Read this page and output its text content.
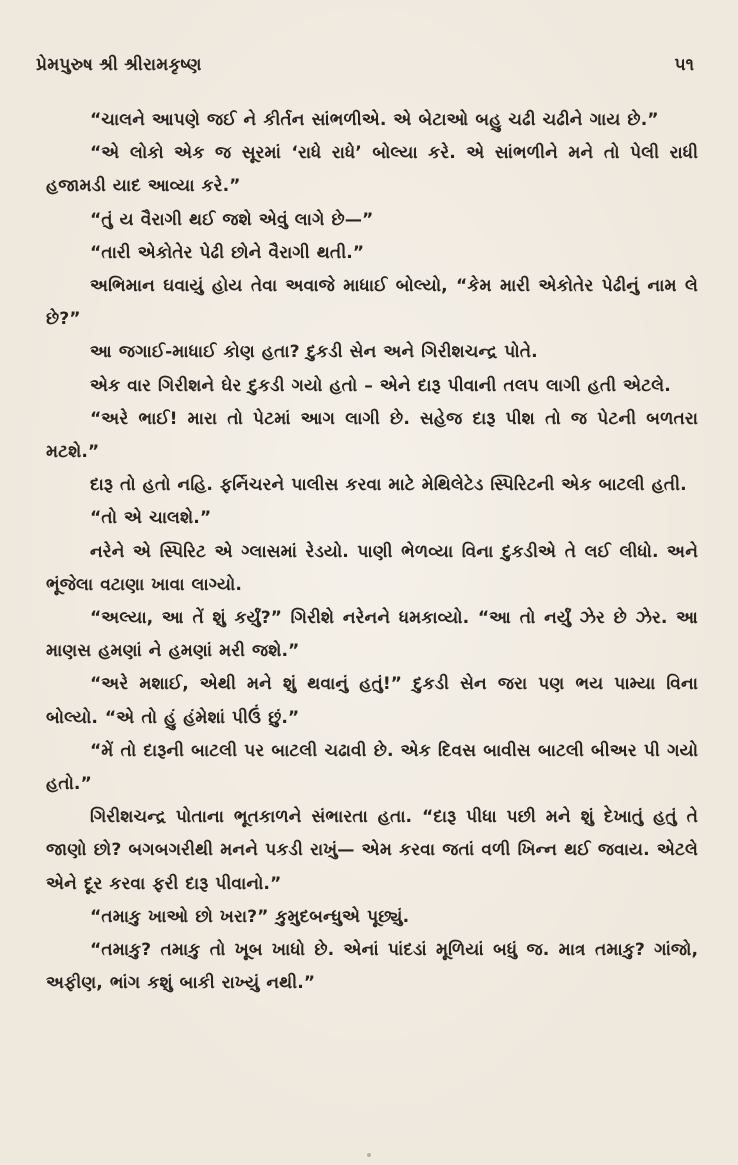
પ્રેમપુરુષ શ્રી શ્રીરામકૃષ્ણ	૫૧

“ચાલને આપણે જઈ ને કીર્તન સાંભળીએ. એ બેટાઓ બહુ ચઢી ચઢીને ગાય છે.”

“એ લોકો એક જ સૂરમાં ‘રાધે રાધે’ બોલ્યા કરે. એ સાંભળીને મને તો પેલી રાધી હજામડી યાદ આવ્યા કરે.”

“તું ય વૈરાગી થઈ જશે એવું લાગે છે—”

“તારી એકોતેર પેઢી છોને વૈરાગી થતી.”

અભિમાન ઘવાયું હોય તેવા અવાજે માધાઈ બોલ્યો, “કેમ મારી એકોતેર પેઢીનું નામ લે છે?”

આ જગાઈ-માધાઈ કોણ હતા? દુકડી સેન અને ગિરીશચન્દ્ર પોતે.

એક વાર ગિરીશને ઘેર દુકડી ગયો હતો – એને દારૂ પીવાની તલપ લાગી હતી એટલે.

“અરે ભાઈ! મારા તો પેટમાં આગ લાગી છે. સહેજ દારૂ પીશ તો જ પેટની બળતરા મટશે.”

દારૂ તો હતો નહિ. ફર્નિચરને પાલીસ કરવા માટે મેથિલેટેડ સ્પિરિટની એક બાટલી હતી.

“તો એ ચાલશે.”

નરેને એ સ્પિરિટ એ ગ્લાસમાં રેડયો. પાણી ભેળવ્યા વિના દુકડીએ તે લઈ લીધો. અને ભૂંજેલા વટાણા ખાવા લાગ્યો.

“અલ્યા, આ તેં શું કર્યું?” ગિરીશે નરેનને ધમકાવ્યો. “આ તો નર્યું ઝેર છે ઝેર. આ માણસ હમણાં ને હમણાં મરી જશે.”

“અરે મશાઈ, એથી મને શું થવાનું હતું!” દુકડી સેન જરા પણ ભય પામ્યા વિના બોલ્યો. “એ તો હું હંમેશાં પીઉં છું.”

“મેં તો દારૂની બાટલી પર બાટલી ચઢાવી છે. એક દિવસ બાવીસ બાટલી બીઅર પી ગયો હતો.”

ગિરીશચન્દ્ર પોતાના ભૂતકાળને સંભારતા હતા. “દારૂ પીધા પછી મને શું દેખાતું હતું તે જાણો છો? બગબગરીથી મનને પકડી રાખું— એમ કરવા જતાં વળી ખિન્ન થઈ જવાય. એટલે એને દૂર કરવા ફરી દારૂ પીવાનો.”

“તમાકુ ખાઓ છો ખરા?” કુમુદબન્ધુએ પૂછ્યું.

“તમાકુ? તમાકુ તો ખૂબ ખાધો છે. એનાં પાંદડાં મૂળિયાં બધું જ. માત્ર તમાકુ? ગાંજો, અફીણ, ભાંગ કશું બાકી રાખ્યું નથી.”
